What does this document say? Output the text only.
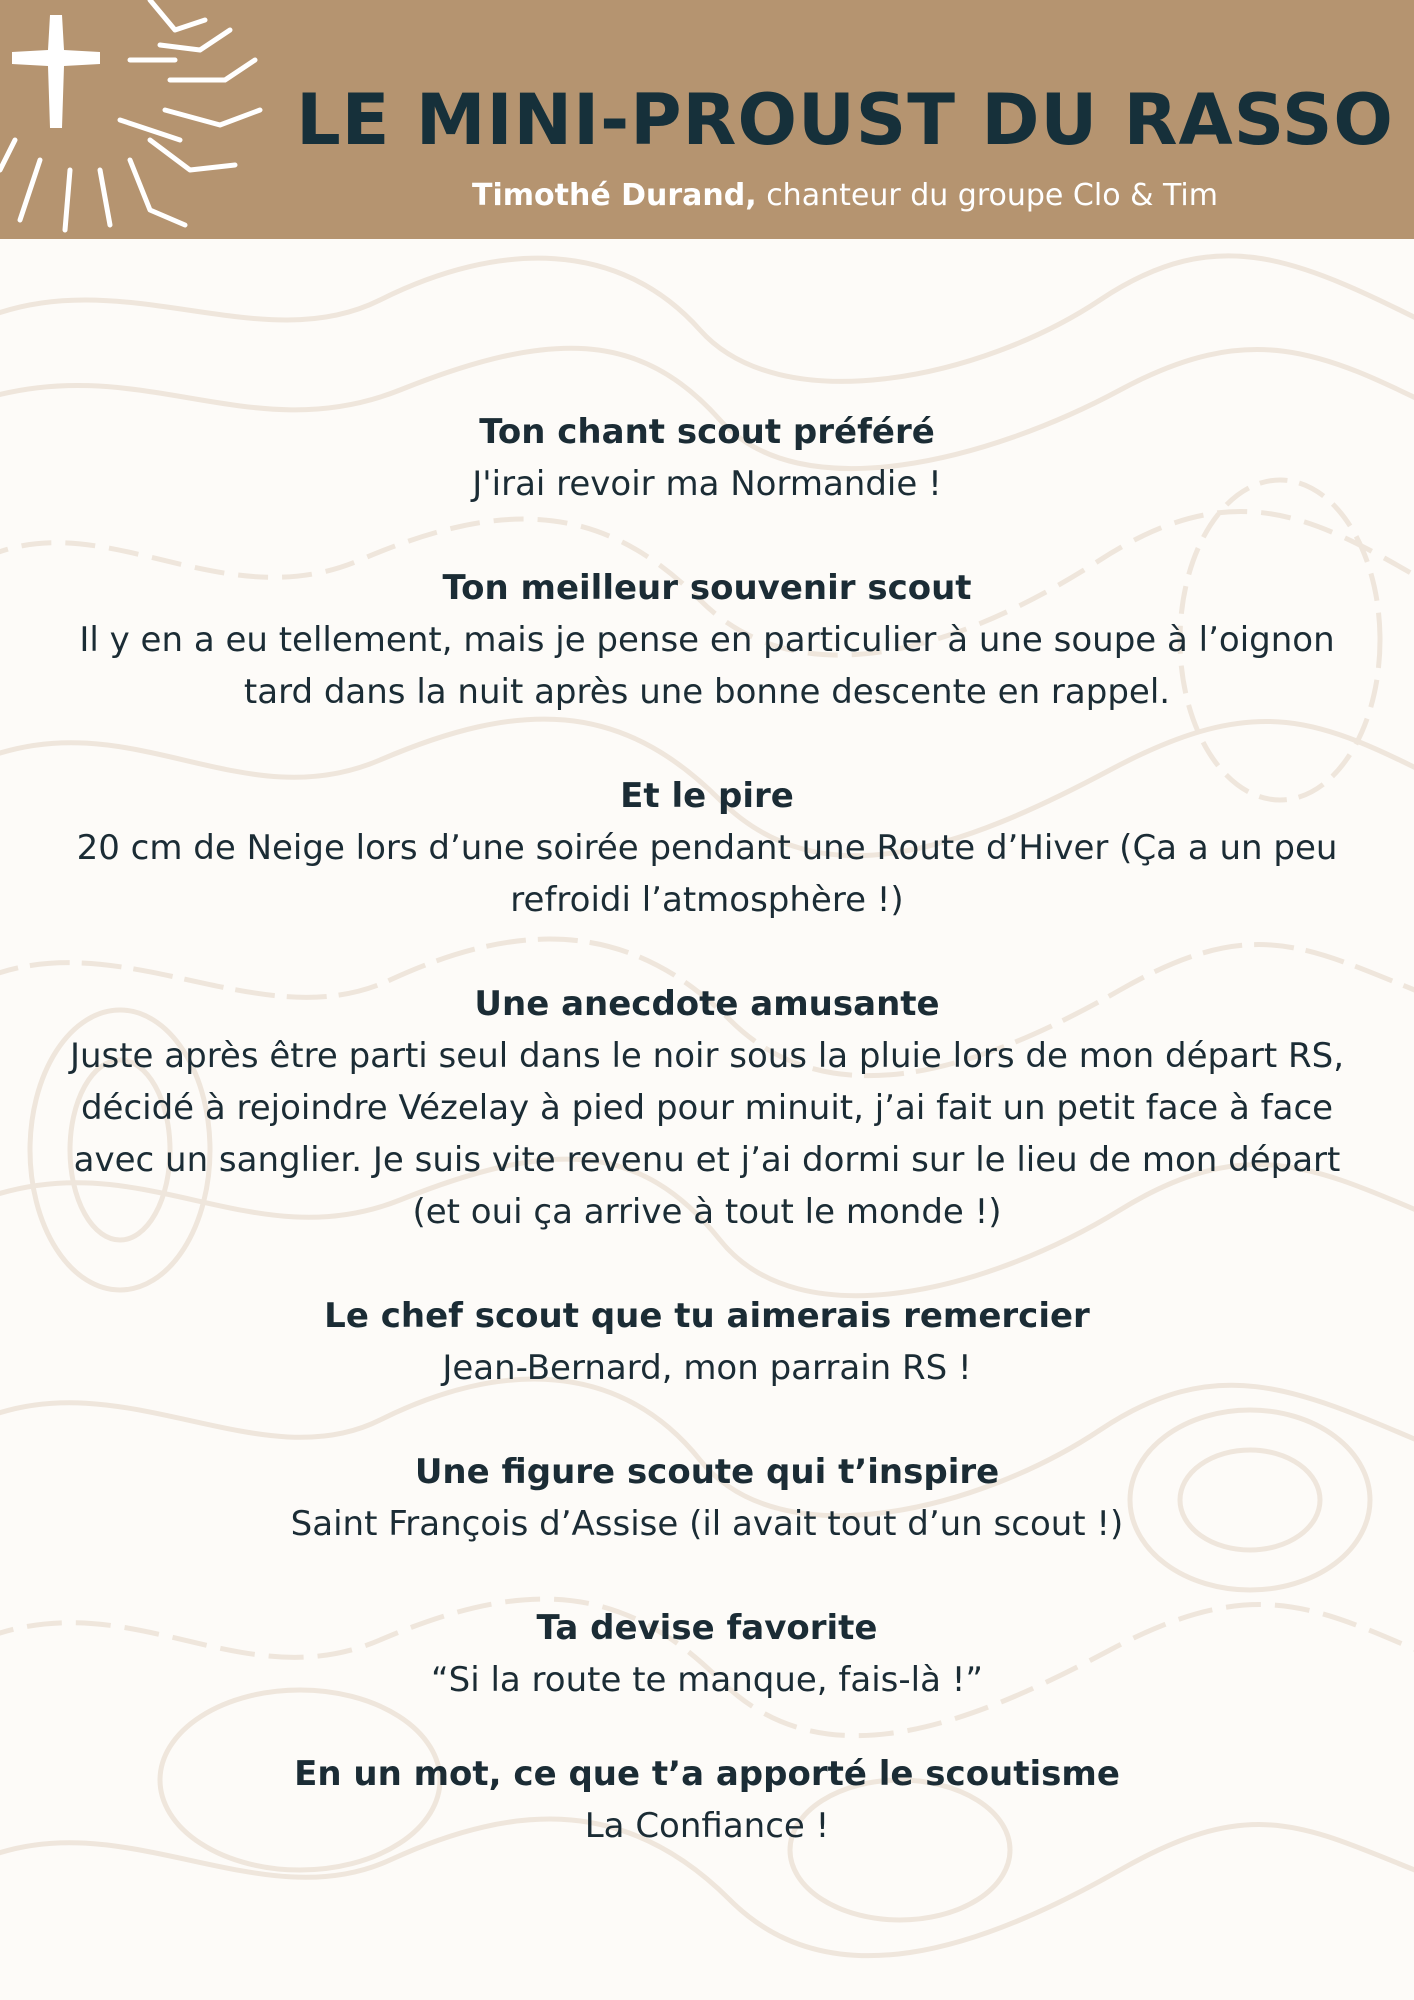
LE MINI-PROUST DU RASSO
Timothé Durand, chanteur du groupe Clo & Tim
Ton chant scout préféré
J'irai revoir ma Normandie !
Ton meilleur souvenir scout
Il y en a eu tellement, mais je pense en particulier à une soupe à l’oignon tard dans la nuit après une bonne descente en rappel.
Et le pire
20 cm de Neige lors d’une soirée pendant une Route d’Hiver (Ça a un peu refroidi l’atmosphère !)
Une anecdote amusante
Juste après être parti seul dans le noir sous la pluie lors de mon départ RS, décidé à rejoindre Vézelay à pied pour minuit, j’ai fait un petit face à face avec un sanglier. Je suis vite revenu et j’ai dormi sur le lieu de mon départ (et oui ça arrive à tout le monde !)
Le chef scout que tu aimerais remercier
Jean-Bernard, mon parrain RS !
Une figure scoute qui t’inspire
Saint François d’Assise (il avait tout d’un scout !)
Ta devise favorite
“Si la route te manque, fais-là !”
En un mot, ce que t’a apporté le scoutisme
La Confiance !
